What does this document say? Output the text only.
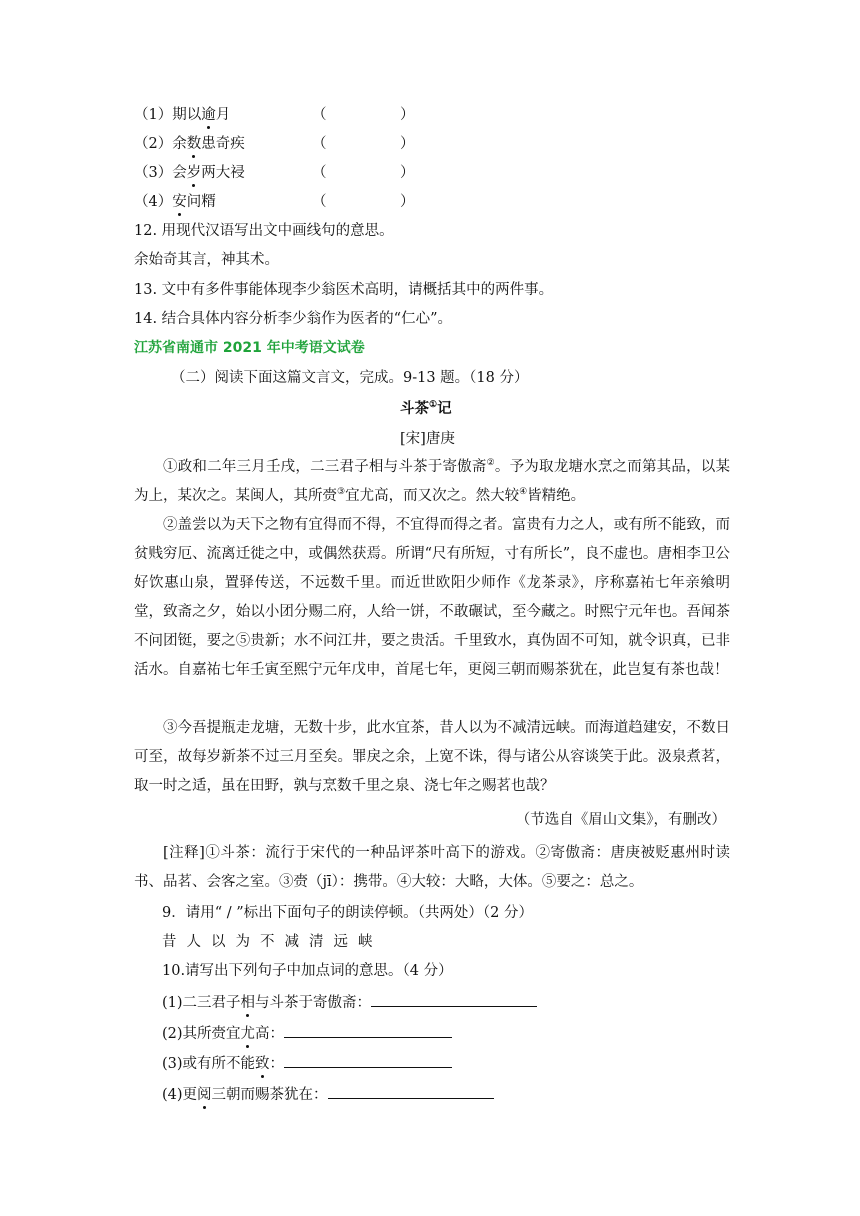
（1）期以逾月	（	）
（2）余数患奇疾	（	）
（3）会岁两大祲	（	）
（4）安问糈	（	）
12. 用现代汉语写出文中画线句的意思。
余始奇其言，神其术。
13. 文中有多件事能体现李少翁医术高明，请概括其中的两件事。
14. 结合具体内容分析李少翁作为医者的“仁心”。
江苏省南通市 2021 年中考语文试卷
（二）阅读下面这篇文言文，完成。9-13 题。（18 分）
斗茶①记
[宋]唐庚
①政和二年三月壬戌，二三君子相与斗茶于寄傲斋②。予为取龙塘水烹之而第其品，以某为上，某次之。某闽人，其所赍③宜尤高，而又次之。然大较④皆精绝。
②盖尝以为天下之物有宜得而不得，不宜得而得之者。富贵有力之人，或有所不能致，而贫贱穷厄、流离迁徙之中，或偶然获焉。所谓“尺有所短，寸有所长”，良不虚也。唐相李卫公好饮惠山泉，置驿传送，不远数千里。而近世欧阳少师作《龙茶录》，序称嘉祐七年亲飨明堂，致斋之夕，始以小团分赐二府，人给一饼，不敢碾试，至今藏之。时熙宁元年也。吾闻茶不问团铤，要之⑤贵新；水不问江井，要之贵活。千里致水，真伪固不可知，就令识真，已非活水。自嘉祐七年壬寅至熙宁元年戊申，首尾七年，更阅三朝而赐茶犹在，此岂复有茶也哉！
③今吾提瓶走龙塘，无数十步，此水宜茶，昔人以为不减清远峡。而海道趋建安，不数日可至，故每岁新茶不过三月至矣。罪戾之余，上宽不诛，得与诸公从容谈笑于此。汲泉煮茗，取一时之适，虽在田野，孰与烹数千里之泉、浇七年之赐茗也哉？
（节选自《眉山文集》，有删改）
[注释]①斗茶：流行于宋代的一种品评茶叶高下的游戏。②寄傲斋：唐庚被贬惠州时读书、品茗、会客之室。③赍（jī）：携带。④大较：大略，大体。⑤要之：总之。
9．请用“ / ”标出下面句子的朗读停顿。（共两处）（2 分）
昔人以为不减清远峡
10.请写出下列句子中加点词的意思。（4 分）
(1)二三君子相与斗茶于寄傲斋：
(2)其所赍宜尤高：
(3)或有所不能致：
(4)更阅三朝而赐茶犹在：
